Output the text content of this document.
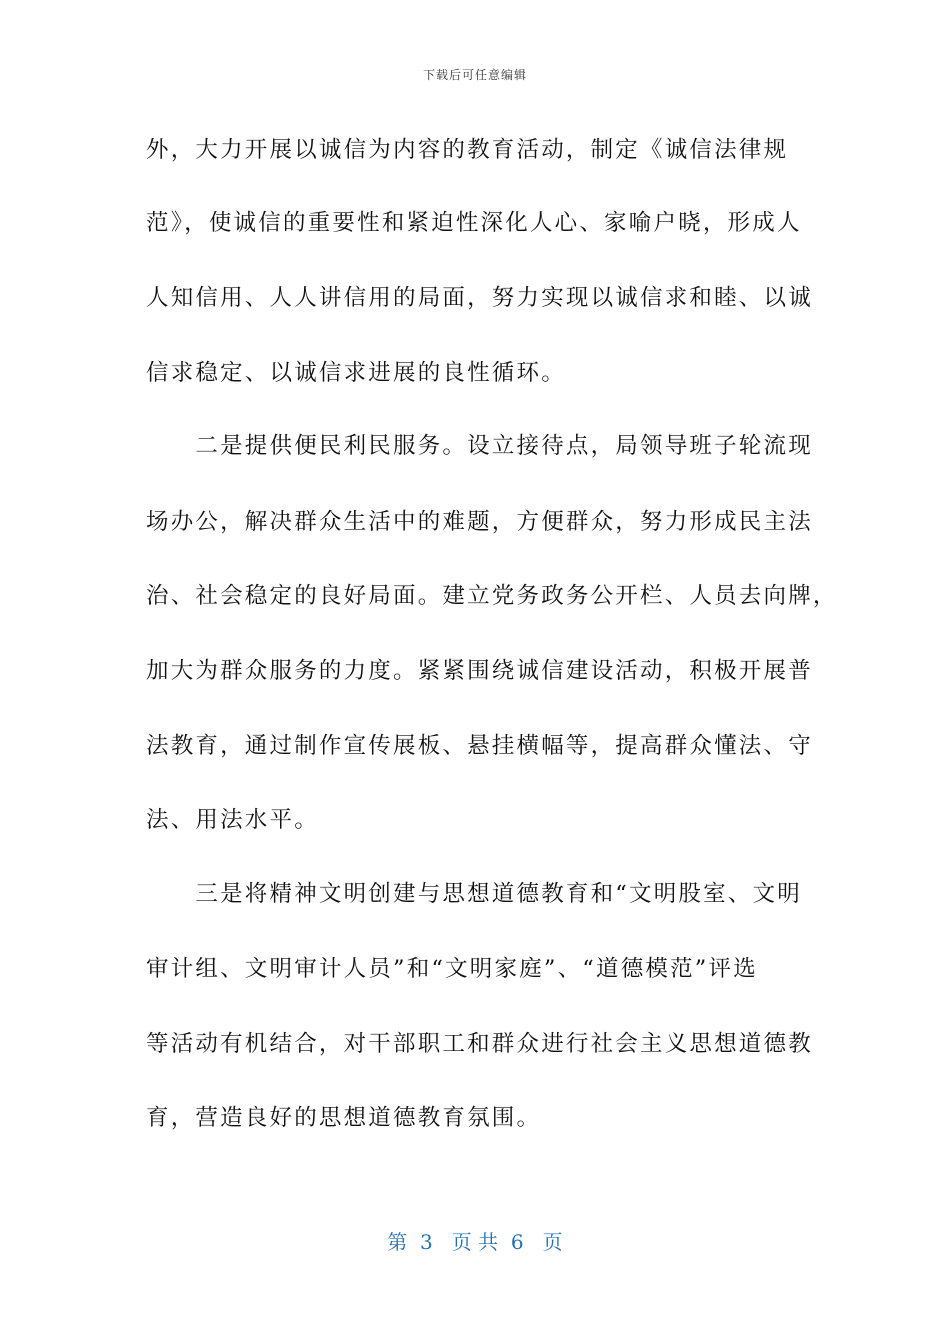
下载后可任意编辑
外，大力开展以诚信为内容的教育活动，制定《诚信法律规
范》，使诚信的重要性和紧迫性深化人心、家喻户晓，形成人
人知信用、人人讲信用的局面，努力实现以诚信求和睦、以诚
信求稳定、以诚信求进展的良性循环。
　　二是提供便民利民服务。设立接待点，局领导班子轮流现
场办公，解决群众生活中的难题，方便群众，努力形成民主法
治、社会稳定的良好局面。建立党务政务公开栏、人员去向牌，
加大为群众服务的力度。紧紧围绕诚信建设活动，积极开展普
法教育，通过制作宣传展板、悬挂横幅等，提高群众懂法、守
法、用法水平。
　　三是将精神文明创建与思想道德教育和“文明股室、文明
审计组、文明审计人员”和“文明家庭”、“道德模范”评选
等活动有机结合，对干部职工和群众进行社会主义思想道德教
育，营造良好的思想道德教育氛围。
第  3   页 共  6   页
